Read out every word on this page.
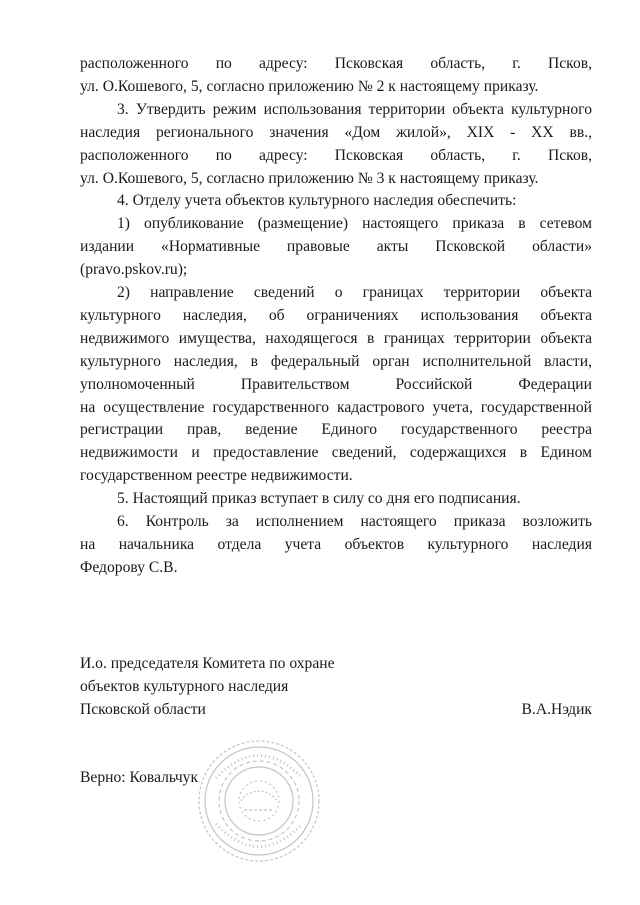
расположенного по адресу: Псковская область, г. Псков,
ул. О.Кошевого, 5, согласно приложению № 2 к настоящему приказу.
3. Утвердить режим использования территории объекта культурного
наследия регионального значения «Дом жилой», XIX - XX вв.,
расположенного по адресу: Псковская область, г. Псков,
ул. О.Кошевого, 5, согласно приложению № 3 к настоящему приказу.
4. Отделу учета объектов культурного наследия обеспечить:
1) опубликование (размещение) настоящего приказа в сетевом
издании «Нормативные правовые акты Псковской области»
(pravo.pskov.ru);
2) направление сведений о границах территории объекта
культурного наследия, об ограничениях использования объекта
недвижимого имущества, находящегося в границах территории объекта
культурного наследия, в федеральный орган исполнительной власти,
уполномоченный Правительством Российской Федерации
на осуществление государственного кадастрового учета, государственной
регистрации прав, ведение Единого государственного реестра
недвижимости и предоставление сведений, содержащихся в Едином
государственном реестре недвижимости.
5. Настоящий приказ вступает в силу со дня его подписания.
6. Контроль за исполнением настоящего приказа возложить
на начальника отдела учета объектов культурного наследия
Федорову С.В.
И.о. председателя Комитета по охране
объектов культурного наследия
Псковской области	В.А.Нэдик
Верно: Ковальчук
